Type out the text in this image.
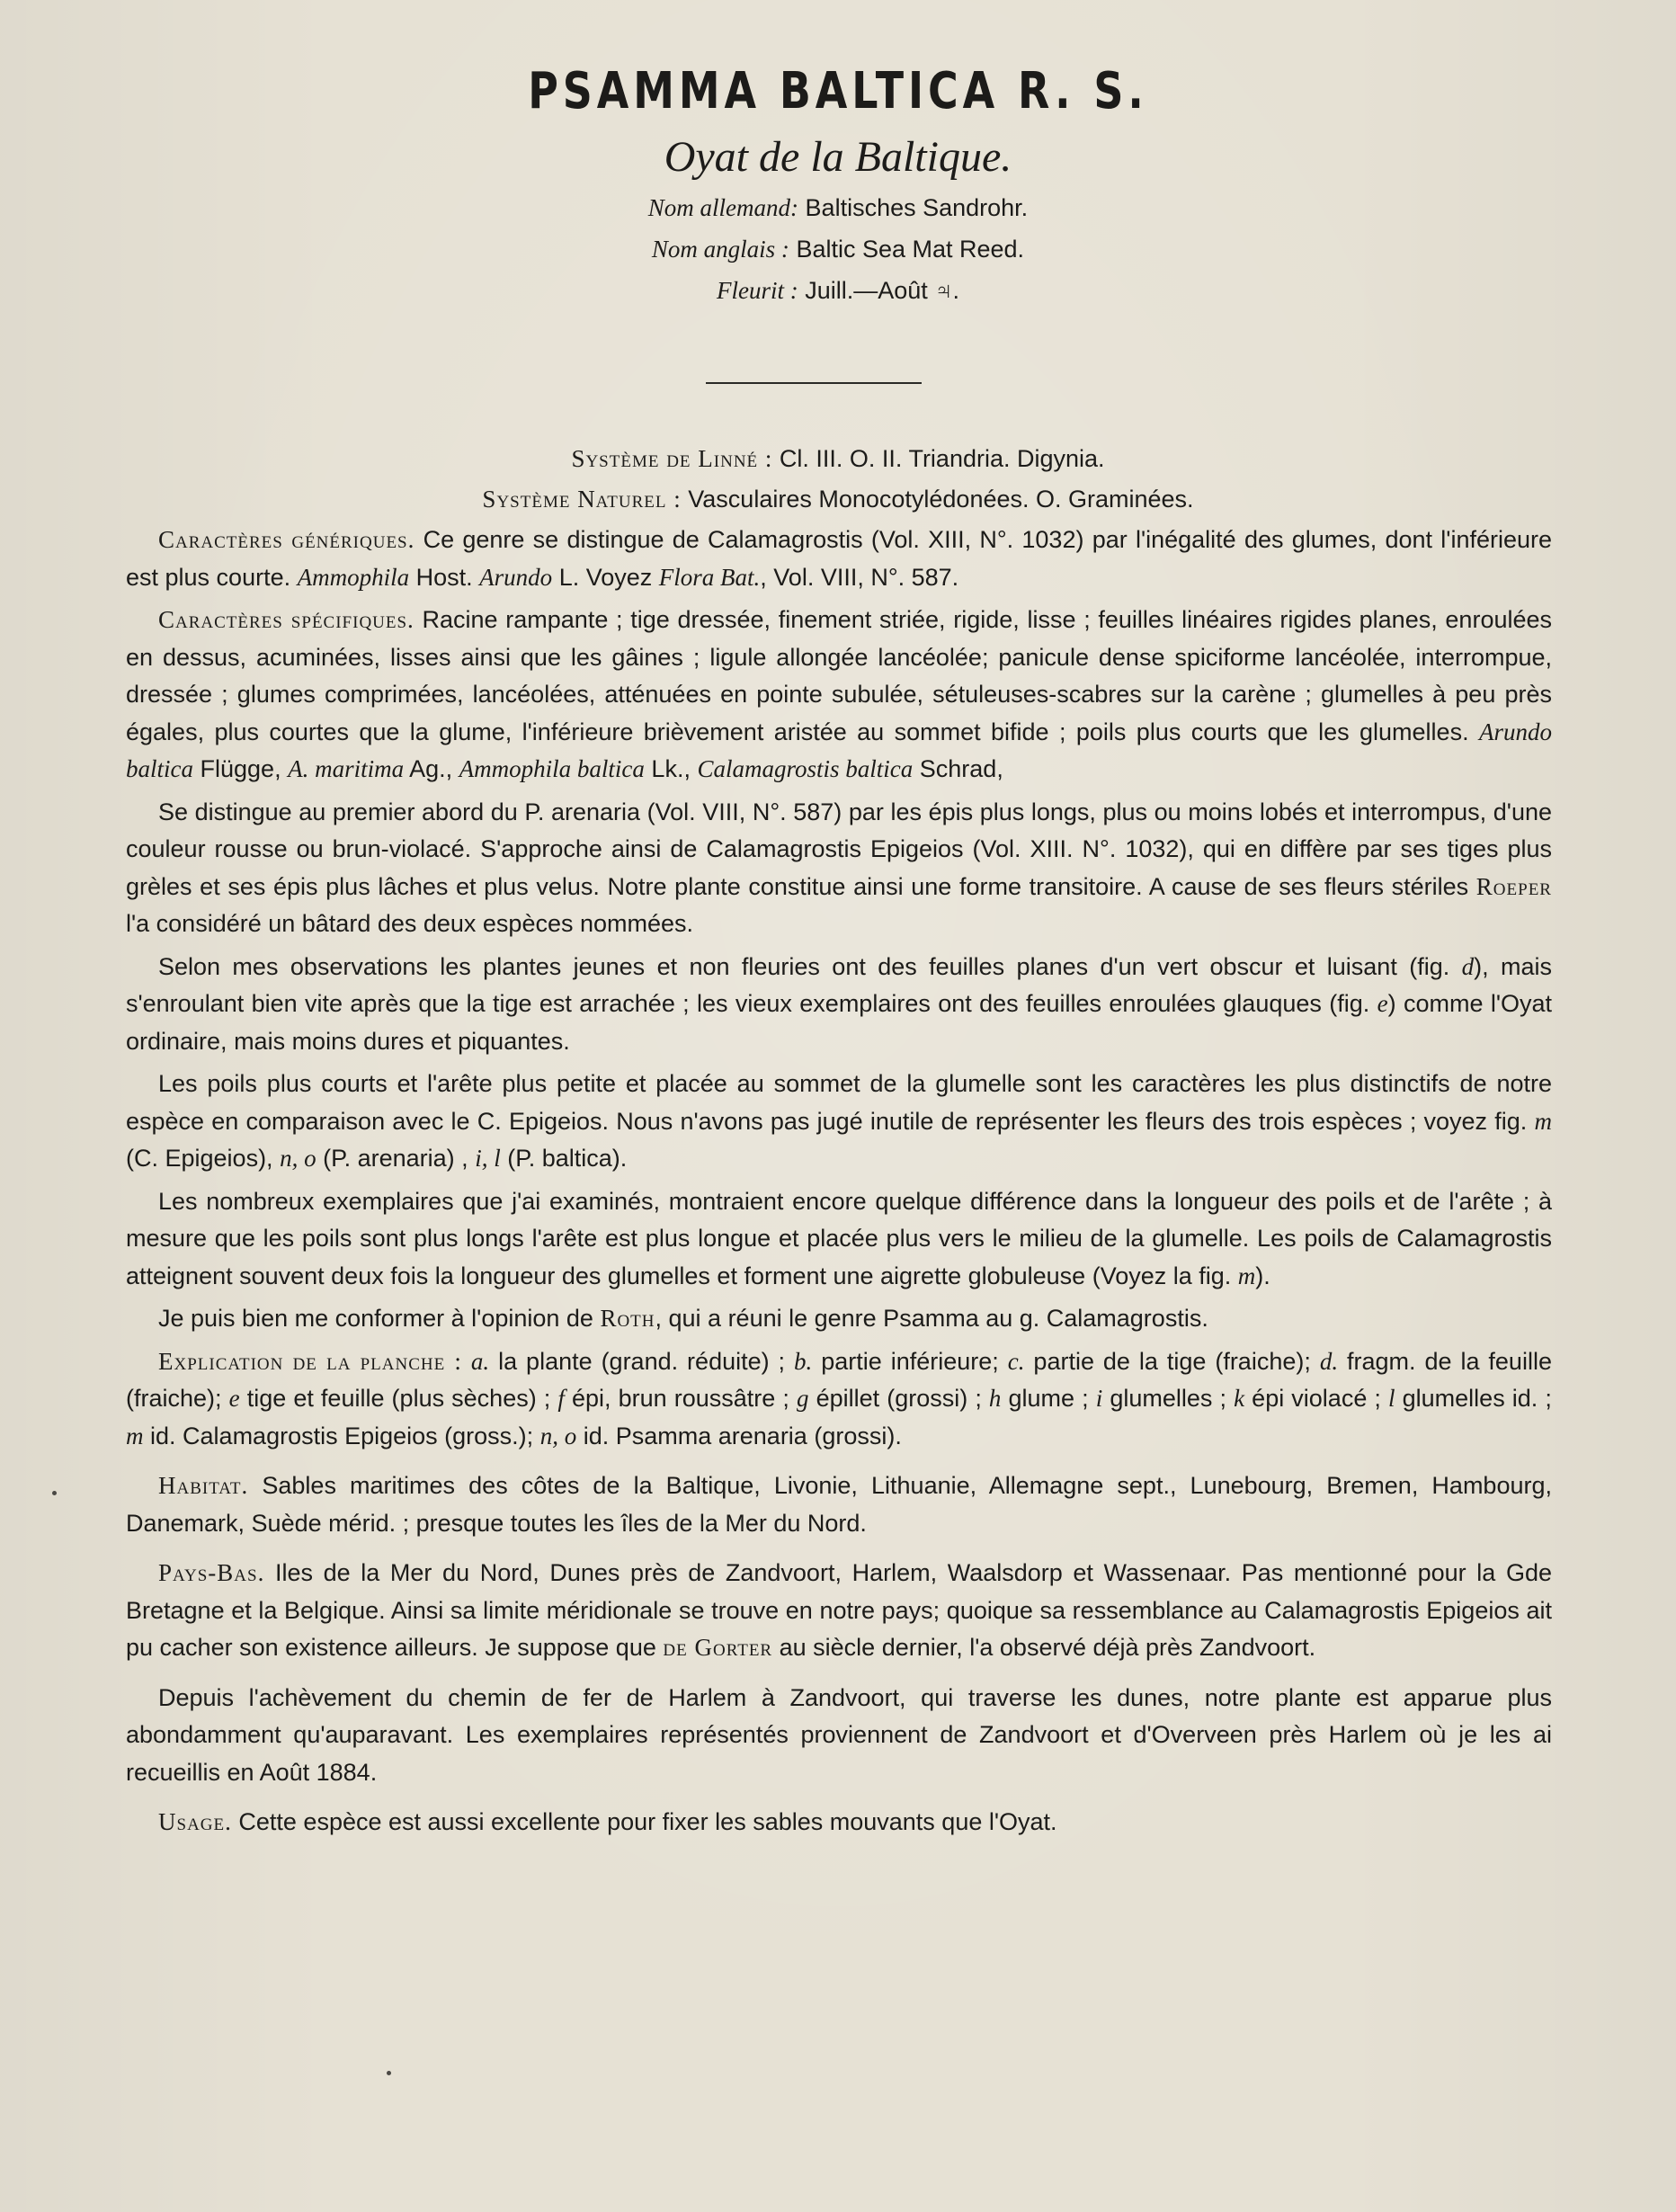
PSAMMA BALTICA R. S.

Oyat de la Baltique.

Nom allemand: Baltisches Sandrohr.

Nom anglais : Baltic Sea Mat Reed.

Fleurit : Juill.—Août ♃.

Système de Linné : Cl. III. O. II. Triandria. Digynia.
Système Naturel : Vasculaires Monocotylédonées. O. Graminées.

Caractères génériques. Ce genre se distingue de Calamagrostis (Vol. XIII, N°. 1032) par l'inégalité des glumes, dont l'inférieure est plus courte. Ammophila Host. Arundo L. Voyez Flora Bat., Vol. VIII, N°. 587.

Caractères spécifiques. Racine rampante ; tige dressée, finement striée, rigide, lisse ; feuilles linéaires rigides planes, enroulées en dessus, acuminées, lisses ainsi que les gâines ; ligule allongée lancéolée; panicule dense spiciforme lancéolée, interrompue, dressée ; glumes comprimées, lancéolées, atténuées en pointe subulée, sétuleuses-scabres sur la carène ; glumelles à peu près égales, plus courtes que la glume, l'inférieure brièvement aristée au sommet bifide ; poils plus courts que les glumelles. Arundo baltica Flügge, A. maritima Ag., Ammophila baltica Lk., Calamagrostis baltica Schrad,

Se distingue au premier abord du P. arenaria (Vol. VIII, N°. 587) par les épis plus longs, plus ou moins lobés et interrompus, d'une couleur rousse ou brun-violacé. S'approche ainsi de Calamagrostis Epigeios (Vol. XIII. N°. 1032), qui en diffère par ses tiges plus grèles et ses épis plus lâches et plus velus. Notre plante constitue ainsi une forme transitoire. A cause de ses fleurs stériles Roeper l'a considéré un bâtard des deux espèces nommées.

Selon mes observations les plantes jeunes et non fleuries ont des feuilles planes d'un vert obscur et luisant (fig. d), mais s'enroulant bien vite après que la tige est arrachée ; les vieux exemplaires ont des feuilles enroulées glauques (fig. e) comme l'Oyat ordinaire, mais moins dures et piquantes.

Les poils plus courts et l'arête plus petite et placée au sommet de la glumelle sont les caractères les plus distinctifs de notre espèce en comparaison avec le C. Epigeios. Nous n'avons pas jugé inutile de représenter les fleurs des trois espèces ; voyez fig. m (C. Epigeios), n, o (P. arenaria) , i, l (P. baltica).

Les nombreux exemplaires que j'ai examinés, montraient encore quelque différence dans la longueur des poils et de l'arête ; à mesure que les poils sont plus longs l'arête est plus longue et placée plus vers le milieu de la glumelle. Les poils de Calamagrostis atteignent souvent deux fois la longueur des glumelles et forment une aigrette globuleuse (Voyez la fig. m).

Je puis bien me conformer à l'opinion de Roth, qui a réuni le genre Psamma au g. Calamagrostis.

Explication de la planche : a. la plante (grand. réduite) ; b. partie inférieure; c. partie de la tige (fraiche); d. fragm. de la feuille (fraiche); e tige et feuille (plus sèches) ; f épi, brun roussâtre ; g épillet (grossi) ; h glume ; i glumelles ; k épi violacé ; l glumelles id. ; m id. Calamagrostis Epigeios (gross.); n, o id. Psamma arenaria (grossi).

Habitat. Sables maritimes des côtes de la Baltique, Livonie, Lithuanie, Allemagne sept., Lunebourg, Bremen, Hambourg, Danemark, Suède mérid. ; presque toutes les îles de la Mer du Nord.

Pays-Bas. Iles de la Mer du Nord, Dunes près de Zandvoort, Harlem, Waalsdorp et Wassenaar. Pas mentionné pour la Gde Bretagne et la Belgique. Ainsi sa limite méridionale se trouve en notre pays; quoique sa ressemblance au Calamagrostis Epigeios ait pu cacher son existence ailleurs. Je suppose que de Gorter au siècle dernier, l'a observé déjà près Zandvoort.

Depuis l'achèvement du chemin de fer de Harlem à Zandvoort, qui traverse les dunes, notre plante est apparue plus abondamment qu'auparavant. Les exemplaires représentés proviennent de Zandvoort et d'Overveen près Harlem où je les ai recueillis en Août 1884.

Usage. Cette espèce est aussi excellente pour fixer les sables mouvants que l'Oyat.
